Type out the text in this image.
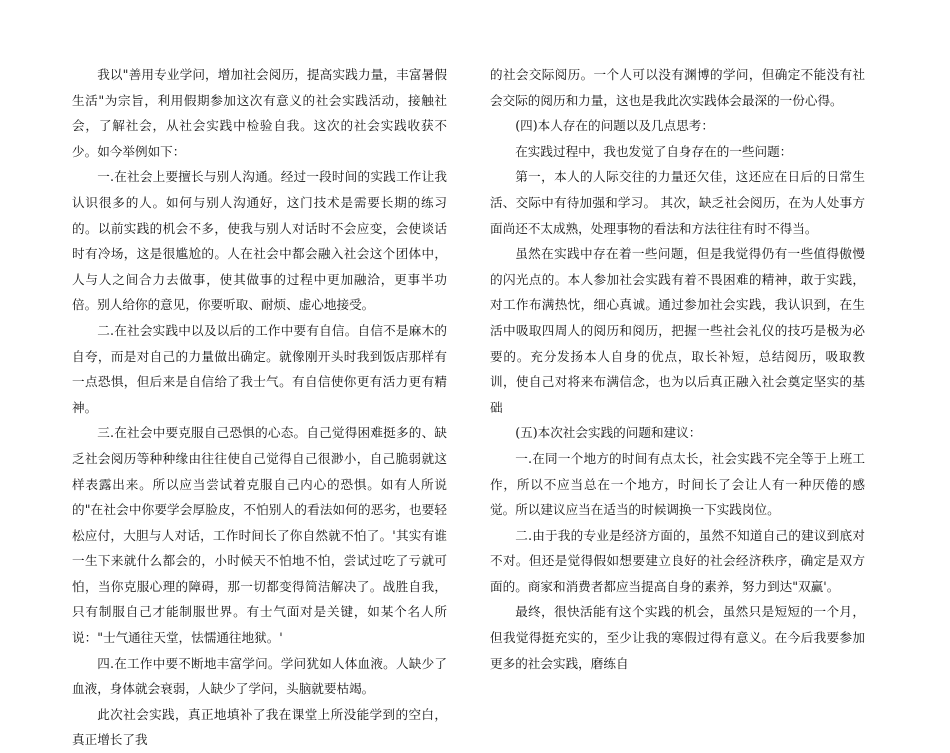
我以"善用专业学问，增加社会阅历，提高实践力量，丰富暑假生活"为宗旨，利用假期参加这次有意义的社会实践活动，接触社会，了解社会，从社会实践中检验自我。这次的社会实践收获不少。如今举例如下：

一.在社会上要擅长与别人沟通。经过一段时间的实践工作让我认识很多的人。如何与别人沟通好，这门技术是需要长期的练习的。以前实践的机会不多，使我与别人对话时不会应变，会使谈话时有冷场，这是很尴尬的。人在社会中都会融入社会这个团体中，人与人之间合力去做事，使其做事的过程中更加融洽，更事半功倍。别人给你的意见，你要听取、耐烦、虚心地接受。

二.在社会实践中以及以后的工作中要有自信。自信不是麻木的自夸，而是对自己的力量做出确定。就像刚开头时我到饭店那样有一点恐惧，但后来是自信给了我士气。有自信使你更有活力更有精神。

三.在社会中要克服自己恐惧的心态。自己觉得困难挺多的、缺乏社会阅历等种种缘由往往使自己觉得自己很渺小，自己脆弱就这样表露出来。所以应当尝试着克服自己内心的恐惧。如有人所说的"在社会中你要学会厚脸皮，不怕别人的看法如何的恶劣，也要轻松应付，大胆与人对话，工作时间长了你自然就不怕了。'其实有谁一生下来就什么都会的，小时候天不怕地不怕，尝试过吃了亏就可怕，当你克服心理的障碍，那一切都变得简洁解决了。战胜自我，只有制服自己才能制服世界。有士气面对是关键，如某个名人所说："士气通往天堂，怯懦通往地狱。'

四.在工作中要不断地丰富学问。学问犹如人体血液。人缺少了血液，身体就会衰弱，人缺少了学问，头脑就要枯竭。

此次社会实践，真正地填补了我在课堂上所没能学到的空白，真正增长了我

的社会交际阅历。一个人可以没有渊博的学问，但确定不能没有社会交际的阅历和力量，这也是我此次实践体会最深的一份心得。

(四)本人存在的问题以及几点思考：

在实践过程中，我也发觉了自身存在的一些问题：

第一，本人的人际交往的力量还欠佳，这还应在日后的日常生活、交际中有待加强和学习。 其次，缺乏社会阅历，在为人处事方面尚还不太成熟，处理事物的看法和方法往往有时不得当。

虽然在实践中存在着一些问题，但是我觉得仍有一些值得傲慢的闪光点的。本人参加社会实践有着不畏困难的精神，敢于实践，对工作布满热忱，细心真诚。通过参加社会实践，我认识到，在生活中吸取四周人的阅历和阅历，把握一些社会礼仪的技巧是极为必要的。充分发扬本人自身的优点，取长补短，总结阅历，吸取教训，使自己对将来布满信念，也为以后真正融入社会奠定坚实的基础

(五)本次社会实践的问题和建议：

一.在同一个地方的时间有点太长，社会实践不完全等于上班工作，所以不应当总在一个地方，时间长了会让人有一种厌倦的感觉。所以建议应当在适当的时候调换一下实践岗位。

二.由于我的专业是经济方面的，虽然不知道自己的建议到底对不对。但还是觉得假如想要建立良好的社会经济秩序，确定是双方面的。商家和消费者都应当提高自身的素养，努力到达"双赢'。

最终，很快活能有这个实践的机会，虽然只是短短的一个月，但我觉得挺充实的，至少让我的寒假过得有意义。在今后我要参加更多的社会实践，磨练自
